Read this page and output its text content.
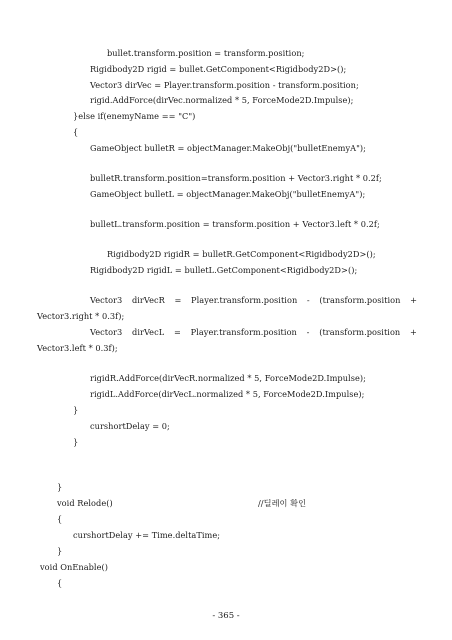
bullet.transform.position = transform.position;
Rigidbody2D rigid = bullet.GetComponent<Rigidbody2D>();
Vector3 dirVec = Player.transform.position - transform.position;
rigid.AddForce(dirVec.normalized * 5, ForceMode2D.Impulse);
}else if(enemyName == "C")
{
GameObject bulletR = objectManager.MakeObj("bulletEnemyA");
bulletR.transform.position=transform.position + Vector3.right * 0.2f;
GameObject bulletL = objectManager.MakeObj("bulletEnemyA");
bulletL.transform.position = transform.position + Vector3.left * 0.2f;
Rigidbody2D rigidR = bulletR.GetComponent<Rigidbody2D>();
Rigidbody2D rigidL = bulletL.GetComponent<Rigidbody2D>();
Vector3 dirVecR = Player.transform.position - (transform.position +
Vector3.right * 0.3f);
Vector3 dirVecL = Player.transform.position - (transform.position +
Vector3.left * 0.3f);
rigidR.AddForce(dirVecR.normalized * 5, ForceMode2D.Impulse);
rigidL.AddForce(dirVecL.normalized * 5, ForceMode2D.Impulse);
}
curshortDelay = 0;
}
}
void Relode()	//딜레이 확인
{
curshortDelay += Time.deltaTime;
}
void OnEnable()
{
- 365 -
